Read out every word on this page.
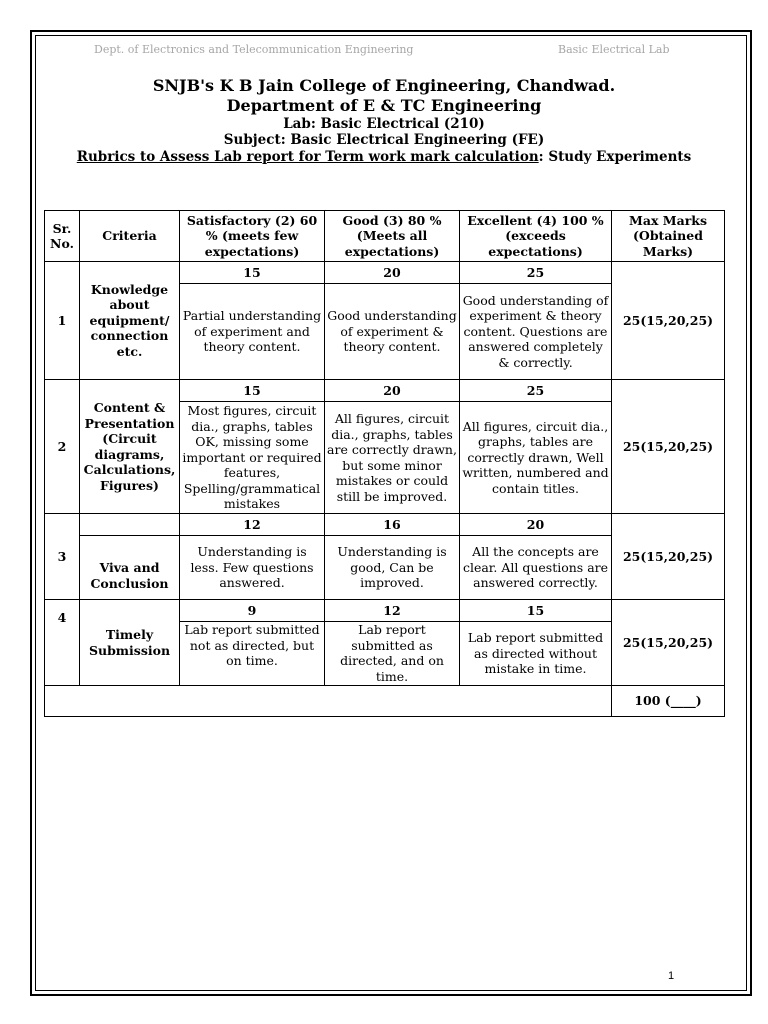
Dept. of Electronics and Telecommunication Engineering	Basic Electrical Lab
SNJB's K B Jain College of Engineering, Chandwad.
Department of E & TC Engineering
Lab: Basic Electrical (210)
Subject: Basic Electrical Engineering (FE)
Rubrics to Assess Lab report for Term work mark calculation: Study Experiments
Sr. No.	Criteria	Satisfactory (2) 60 % (meets few expectations)	Good (3) 80 % (Meets all expectations)	Excellent (4) 100 % (exceeds expectations)	Max Marks (Obtained Marks)
1	Knowledge about equipment/ connection etc.	15	20	25	25(15,20,25)
		Partial understanding of experiment and theory content.	Good understanding of experiment & theory content.	Good understanding of experiment & theory content. Questions are answered completely & correctly.	
2	Content & Presentation (Circuit diagrams, Calculations, Figures)	15	20	25	25(15,20,25)
		Most figures, circuit dia., graphs, tables OK, missing some important or required features, Spelling/grammatical mistakes	All figures, circuit dia., graphs, tables are correctly drawn, but some minor mistakes or could still be improved.	All figures, circuit dia., graphs, tables are correctly drawn, Well written, numbered and contain titles.	
3		12	16	20	25(15,20,25)
	Viva and Conclusion	Understanding is less. Few questions answered.	Understanding is good, Can be improved.	All the concepts are clear. All questions are answered correctly.	
4	Timely Submission	9	12	15	25(15,20,25)
		Lab report submitted not as directed, but on time.	Lab report submitted as directed, and on time.	Lab report submitted as directed without mistake in time.	
					100 (____)
1
